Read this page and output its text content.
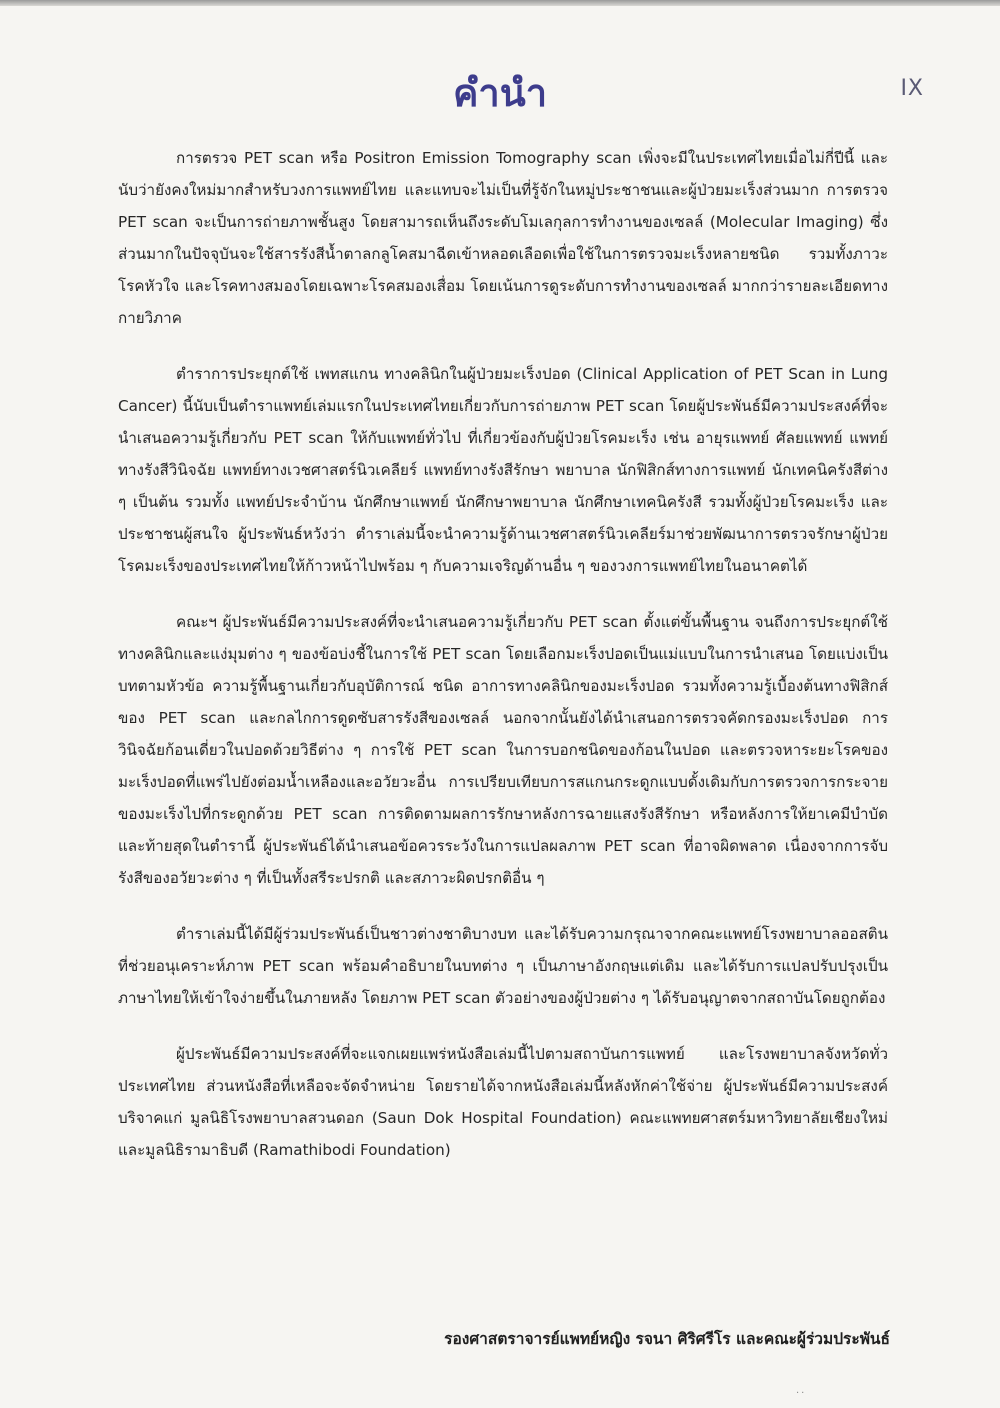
คำนำ	IX

การตรวจ PET scan หรือ Positron Emission Tomography scan เพิ่งจะมีในประเทศไทยเมื่อไม่กี่ปีนี้ และนับว่ายังคงใหม่มากสำหรับวงการแพทย์ไทย และแทบจะไม่เป็นที่รู้จักในหมู่ประชาชนและผู้ป่วยมะเร็งส่วนมาก การตรวจ PET scan จะเป็นการถ่ายภาพชั้นสูง โดยสามารถเห็นถึงระดับโมเลกุลการทำงานของเซลล์ (Molecular Imaging) ซึ่งส่วนมากในปัจจุบันจะใช้สารรังสีน้ำตาลกลูโคสมาฉีดเข้าหลอดเลือดเพื่อใช้ในการตรวจมะเร็งหลายชนิด รวมทั้งภาวะโรคหัวใจ และโรคทางสมองโดยเฉพาะโรคสมองเสื่อม โดยเน้นการดูระดับการทำงานของเซลล์ มากกว่ารายละเอียดทางกายวิภาค

ตำราการประยุกต์ใช้ เพทสแกน ทางคลินิกในผู้ป่วยมะเร็งปอด (Clinical Application of PET Scan in Lung Cancer) นี้นับเป็นตำราแพทย์เล่มแรกในประเทศไทยเกี่ยวกับการถ่ายภาพ PET scan โดยผู้ประพันธ์มีความประสงค์ที่จะนำเสนอความรู้เกี่ยวกับ PET scan ให้กับแพทย์ทั่วไป ที่เกี่ยวข้องกับผู้ป่วยโรคมะเร็ง เช่น อายุรแพทย์ ศัลยแพทย์ แพทย์ทางรังสีวินิจฉัย แพทย์ทางเวชศาสตร์นิวเคลียร์ แพทย์ทางรังสีรักษา พยาบาล นักฟิสิกส์ทางการแพทย์ นักเทคนิครังสีต่าง ๆ เป็นต้น รวมทั้ง แพทย์ประจำบ้าน นักศึกษาแพทย์ นักศึกษาพยาบาล นักศึกษาเทคนิครังสี รวมทั้งผู้ป่วยโรคมะเร็ง และประชาชนผู้สนใจ ผู้ประพันธ์หวังว่า ตำราเล่มนี้จะนำความรู้ด้านเวชศาสตร์นิวเคลียร์มาช่วยพัฒนาการตรวจรักษาผู้ป่วยโรคมะเร็งของประเทศไทยให้ก้าวหน้าไปพร้อม ๆ กับความเจริญด้านอื่น ๆ ของวงการแพทย์ไทยในอนาคตได้

คณะฯ ผู้ประพันธ์มีความประสงค์ที่จะนำเสนอความรู้เกี่ยวกับ PET scan ตั้งแต่ขั้นพื้นฐาน จนถึงการประยุกต์ใช้ทางคลินิกและแง่มุมต่าง ๆ ของข้อบ่งชี้ในการใช้ PET scan โดยเลือกมะเร็งปอดเป็นแม่แบบในการนำเสนอ โดยแบ่งเป็นบทตามหัวข้อ ความรู้พื้นฐานเกี่ยวกับอุบัติการณ์ ชนิด อาการทางคลินิกของมะเร็งปอด รวมทั้งความรู้เบื้องต้นทางฟิสิกส์ของ PET scan และกลไกการดูดซับสารรังสีของเซลล์ นอกจากนั้นยังได้นำเสนอการตรวจคัดกรองมะเร็งปอด การวินิจฉัยก้อนเดี่ยวในปอดด้วยวิธีต่าง ๆ การใช้ PET scan ในการบอกชนิดของก้อนในปอด และตรวจหาระยะโรคของมะเร็งปอดที่แพร่ไปยังต่อมน้ำเหลืองและอวัยวะอื่น การเปรียบเทียบการสแกนกระดูกแบบดั้งเดิมกับการตรวจการกระจายของมะเร็งไปที่กระดูกด้วย PET scan การติดตามผลการรักษาหลังการฉายแสงรังสีรักษา หรือหลังการให้ยาเคมีบำบัด และท้ายสุดในตำรานี้ ผู้ประพันธ์ได้นำเสนอข้อควรระวังในการแปลผลภาพ PET scan ที่อาจผิดพลาด เนื่องจากการจับรังสีของอวัยวะต่าง ๆ ที่เป็นทั้งสรีระปรกติ และสภาวะผิดปรกติอื่น ๆ

ตำราเล่มนี้ได้มีผู้ร่วมประพันธ์เป็นชาวต่างชาติบางบท และได้รับความกรุณาจากคณะแพทย์โรงพยาบาลออสติน ที่ช่วยอนุเคราะห์ภาพ PET scan พร้อมคำอธิบายในบทต่าง ๆ เป็นภาษาอังกฤษแต่เดิม และได้รับการแปลปรับปรุงเป็นภาษาไทยให้เข้าใจง่ายขึ้นในภายหลัง โดยภาพ PET scan ตัวอย่างของผู้ป่วยต่าง ๆ ได้รับอนุญาตจากสถาบันโดยถูกต้อง

ผู้ประพันธ์มีความประสงค์ที่จะแจกเผยแพร่หนังสือเล่มนี้ไปตามสถาบันการแพทย์ และโรงพยาบาลจังหวัดทั่วประเทศไทย ส่วนหนังสือที่เหลือจะจัดจำหน่าย โดยรายได้จากหนังสือเล่มนี้หลังหักค่าใช้จ่าย ผู้ประพันธ์มีความประสงค์บริจาคแก่ มูลนิธิโรงพยาบาลสวนดอก (Saun Dok Hospital Foundation) คณะแพทยศาสตร์มหาวิทยาลัยเชียงใหม่ และมูลนิธิรามาธิบดี (Ramathibodi Foundation)

รองศาสตราจารย์แพทย์หญิง รจนา ศิริศรีโร และคณะผู้ร่วมประพันธ์
··
